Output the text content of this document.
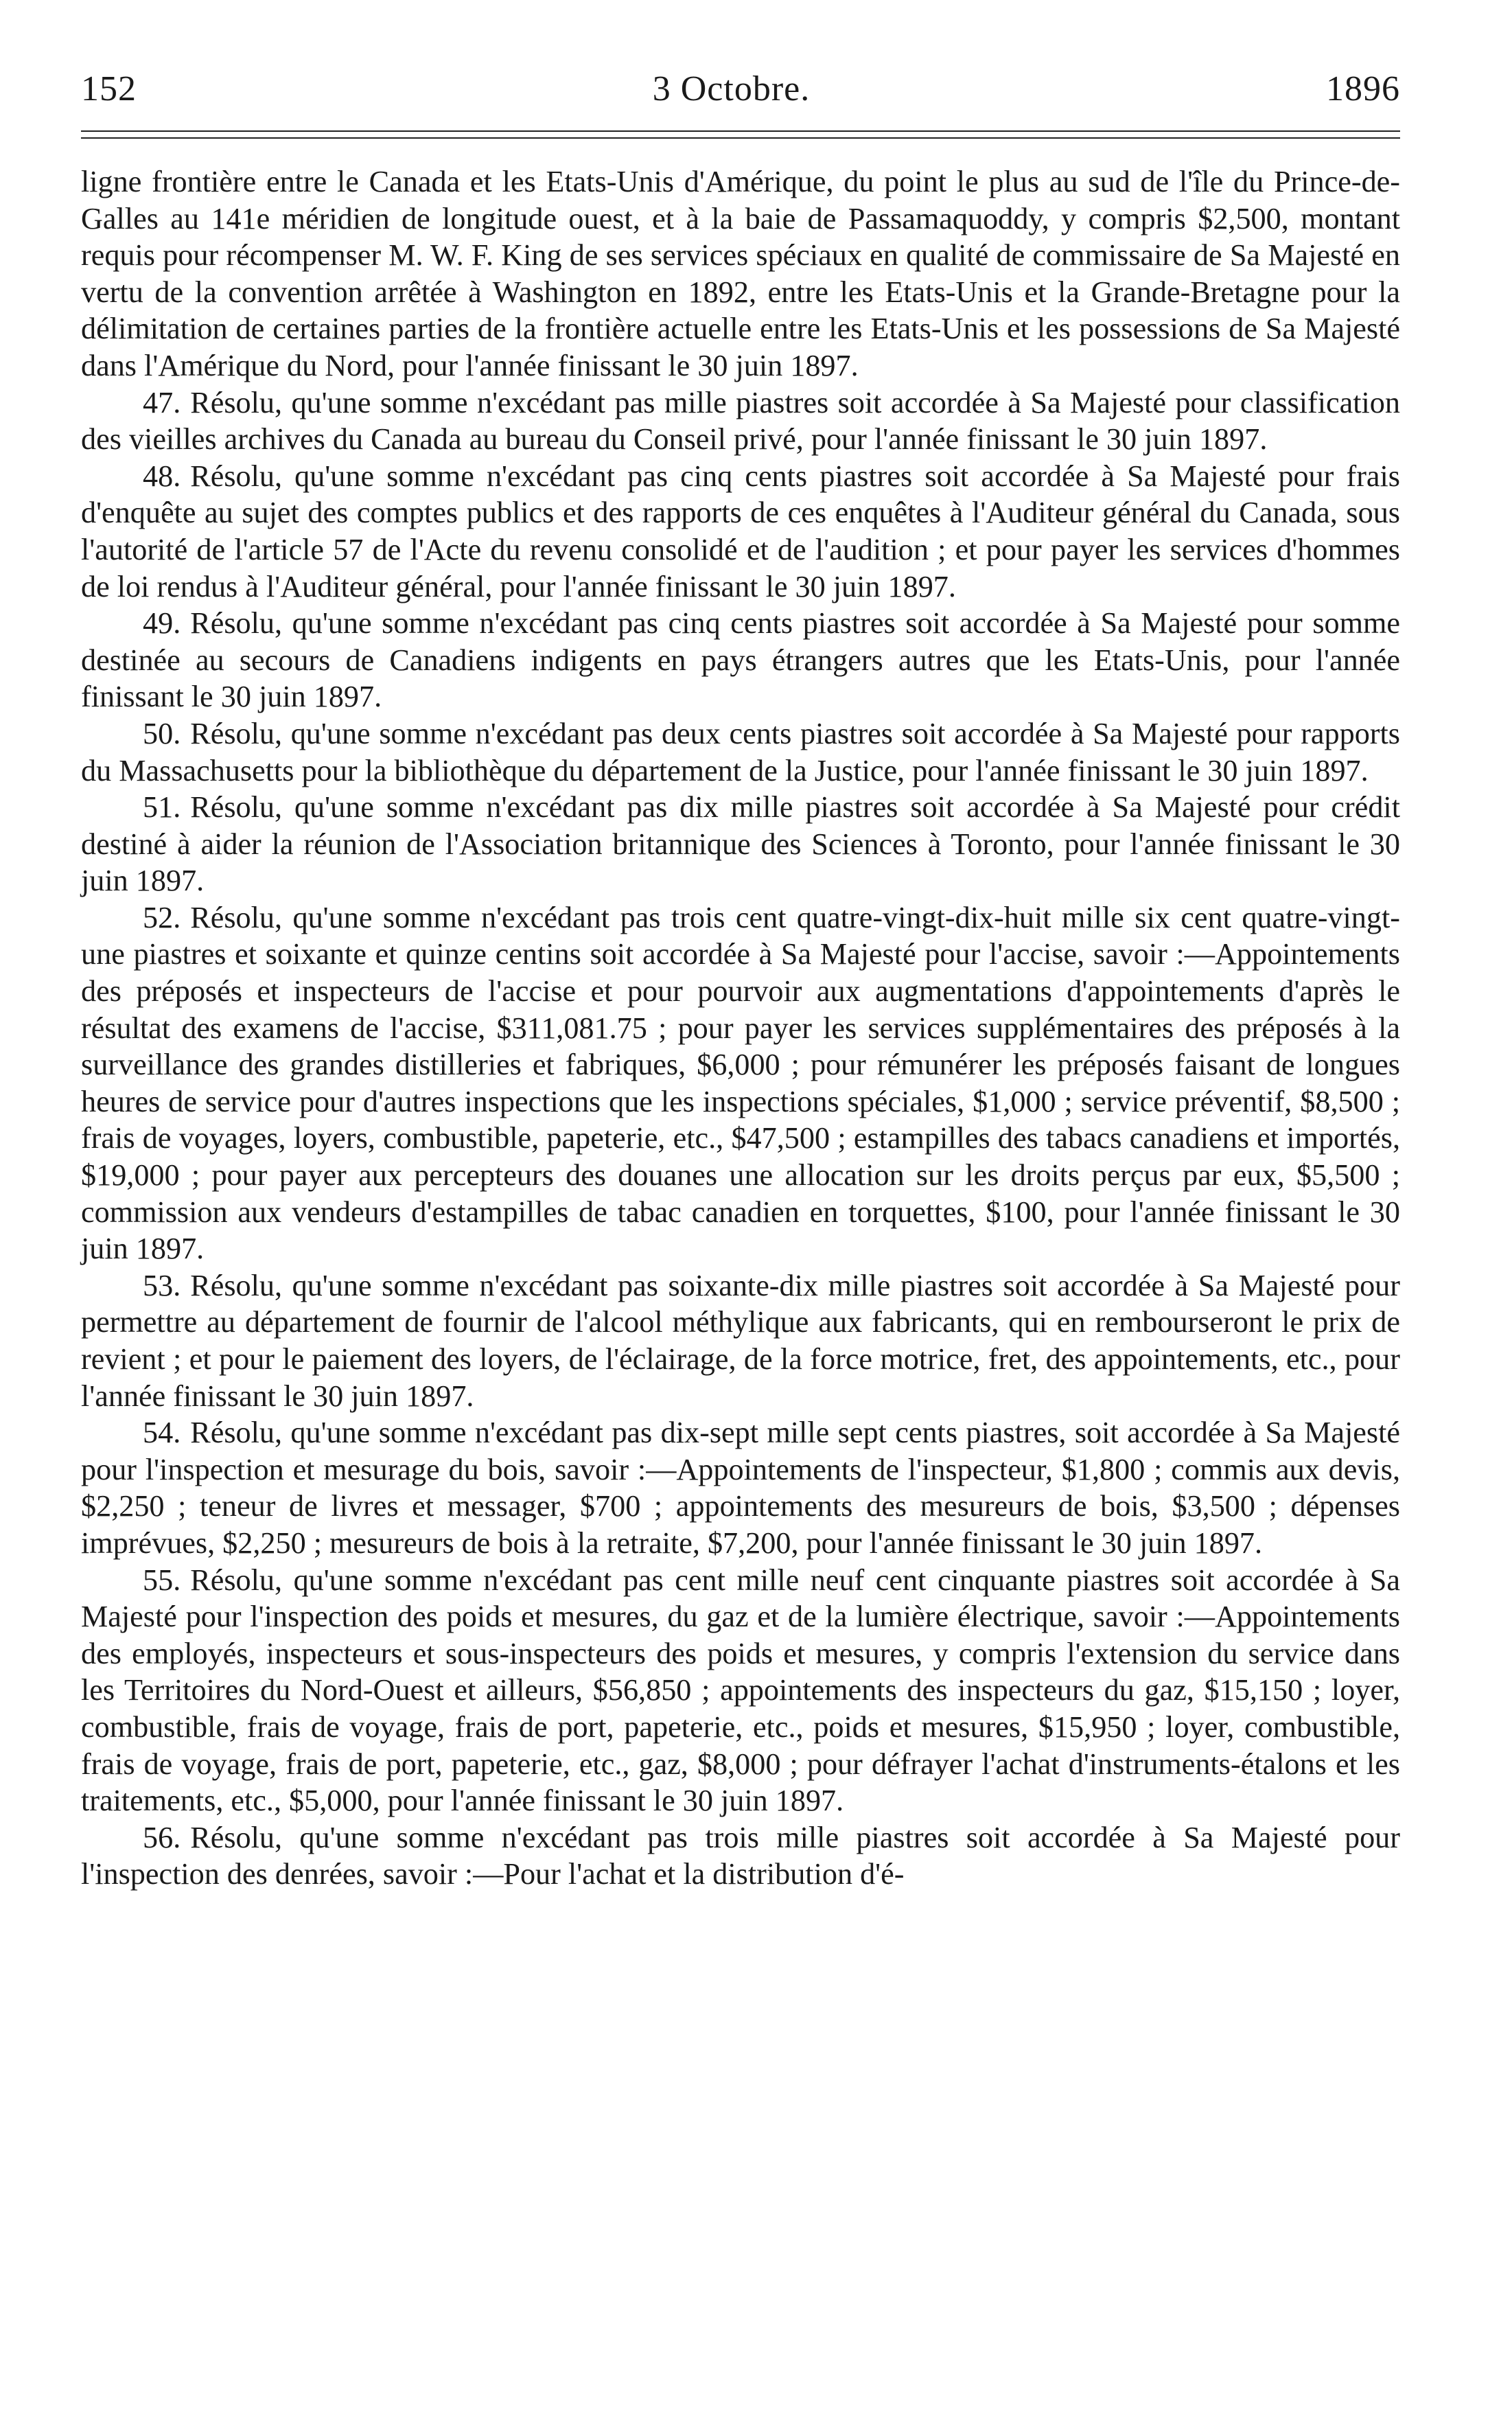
152	3 Octobre.	1896

ligne frontière entre le Canada et les Etats-Unis d'Amérique, du point le plus au sud de l'île du Prince-de-Galles au 141e méridien de longitude ouest, et à la baie de Passamaquoddy, y compris $2,500, montant requis pour récompenser M. W. F. King de ses services spéciaux en qualité de commissaire de Sa Majesté en vertu de la convention arrêtée à Washington en 1892, entre les Etats-Unis et la Grande-Bretagne pour la délimitation de certaines parties de la frontière actuelle entre les Etats-Unis et les possessions de Sa Majesté dans l'Amérique du Nord, pour l'année finissant le 30 juin 1897.

47. Résolu, qu'une somme n'excédant pas mille piastres soit accordée à Sa Majesté pour classification des vieilles archives du Canada au bureau du Conseil privé, pour l'année finissant le 30 juin 1897.

48. Résolu, qu'une somme n'excédant pas cinq cents piastres soit accordée à Sa Majesté pour frais d'enquête au sujet des comptes publics et des rapports de ces enquêtes à l'Auditeur général du Canada, sous l'autorité de l'article 57 de l'Acte du revenu consolidé et de l'audition ; et pour payer les services d'hommes de loi rendus à l'Auditeur général, pour l'année finissant le 30 juin 1897.

49. Résolu, qu'une somme n'excédant pas cinq cents piastres soit accordée à Sa Majesté pour somme destinée au secours de Canadiens indigents en pays étrangers autres que les Etats-Unis, pour l'année finissant le 30 juin 1897.

50. Résolu, qu'une somme n'excédant pas deux cents piastres soit accordée à Sa Majesté pour rapports du Massachusetts pour la bibliothèque du département de la Justice, pour l'année finissant le 30 juin 1897.

51. Résolu, qu'une somme n'excédant pas dix mille piastres soit accordée à Sa Majesté pour crédit destiné à aider la réunion de l'Association britannique des Sciences à Toronto, pour l'année finissant le 30 juin 1897.

52. Résolu, qu'une somme n'excédant pas trois cent quatre-vingt-dix-huit mille six cent quatre-vingt-une piastres et soixante et quinze centins soit accordée à Sa Majesté pour l'accise, savoir :—Appointements des préposés et inspecteurs de l'accise et pour pourvoir aux augmentations d'appointements d'après le résultat des examens de l'accise, $311,081.75 ; pour payer les services supplémentaires des préposés à la surveillance des grandes distilleries et fabriques, $6,000 ; pour rémunérer les préposés faisant de longues heures de service pour d'autres inspections que les inspections spéciales, $1,000 ; service préventif, $8,500 ; frais de voyages, loyers, combustible, papeterie, etc., $47,500 ; estampilles des tabacs canadiens et importés, $19,000 ; pour payer aux percepteurs des douanes une allocation sur les droits perçus par eux, $5,500 ; commission aux vendeurs d'estampilles de tabac canadien en torquettes, $100, pour l'année finissant le 30 juin 1897.

53. Résolu, qu'une somme n'excédant pas soixante-dix mille piastres soit accordée à Sa Majesté pour permettre au département de fournir de l'alcool méthylique aux fabricants, qui en rembourseront le prix de revient ; et pour le paiement des loyers, de l'éclairage, de la force motrice, fret, des appointements, etc., pour l'année finissant le 30 juin 1897.

54. Résolu, qu'une somme n'excédant pas dix-sept mille sept cents piastres, soit accordée à Sa Majesté pour l'inspection et mesurage du bois, savoir :—Appointements de l'inspecteur, $1,800 ; commis aux devis, $2,250 ; teneur de livres et messager, $700 ; appointements des mesureurs de bois, $3,500 ; dépenses imprévues, $2,250 ; mesureurs de bois à la retraite, $7,200, pour l'année finissant le 30 juin 1897.

55. Résolu, qu'une somme n'excédant pas cent mille neuf cent cinquante piastres soit accordée à Sa Majesté pour l'inspection des poids et mesures, du gaz et de la lumière électrique, savoir :—Appointements des employés, inspecteurs et sous-inspecteurs des poids et mesures, y compris l'extension du service dans les Territoires du Nord-Ouest et ailleurs, $56,850 ; appointements des inspecteurs du gaz, $15,150 ; loyer, combustible, frais de voyage, frais de port, papeterie, etc., poids et mesures, $15,950 ; loyer, combustible, frais de voyage, frais de port, papeterie, etc., gaz, $8,000 ; pour défrayer l'achat d'instruments-étalons et les traitements, etc., $5,000, pour l'année finissant le 30 juin 1897.

56. Résolu, qu'une somme n'excédant pas trois mille piastres soit accordée à Sa Majesté pour l'inspection des denrées, savoir :—Pour l'achat et la distribution d'é-
